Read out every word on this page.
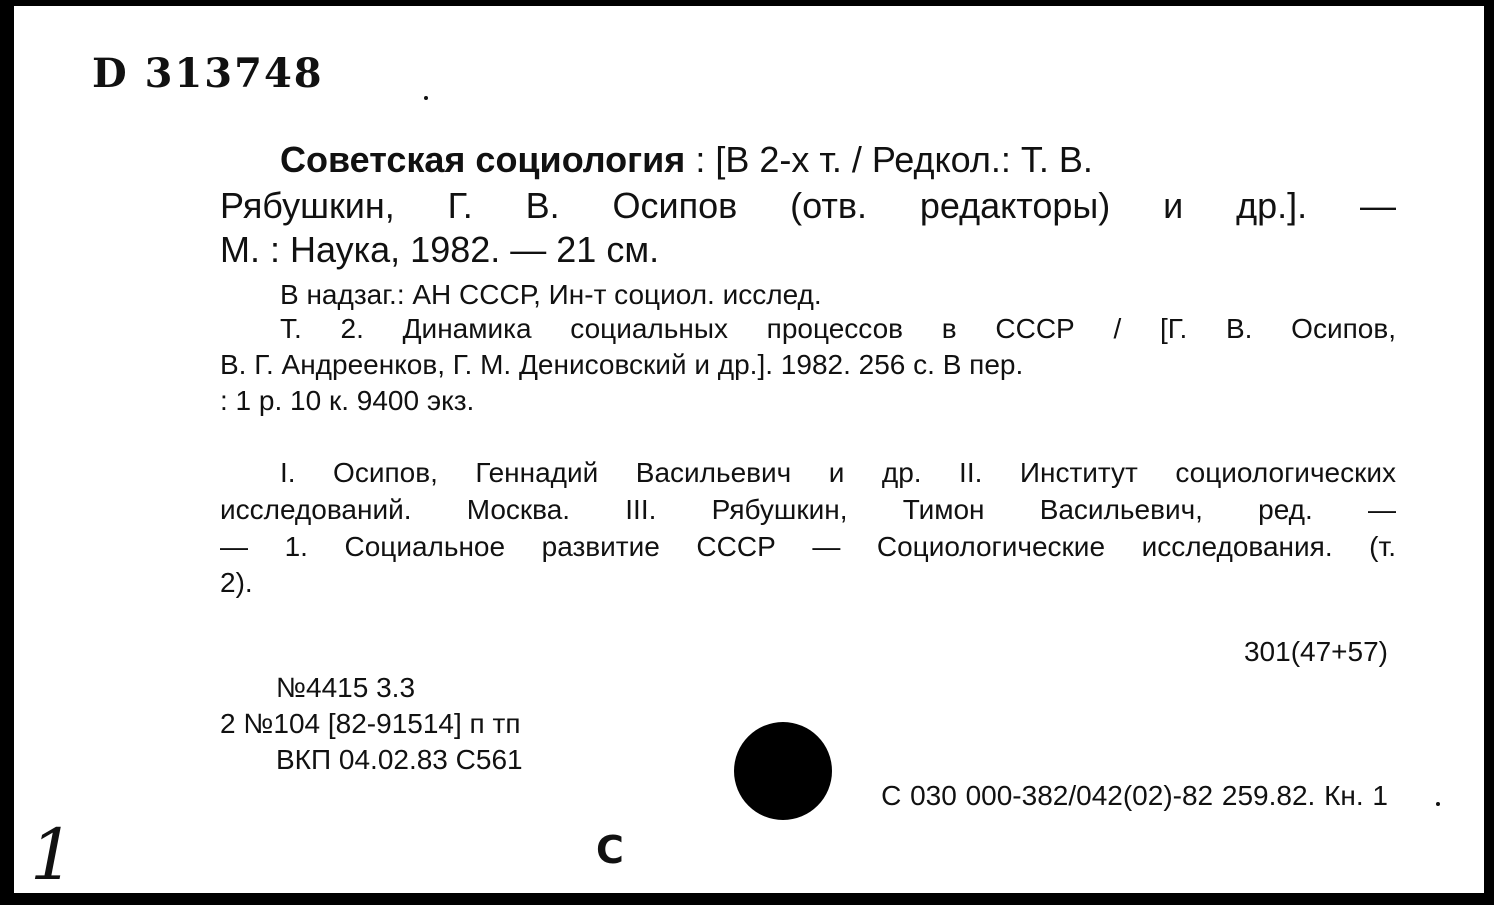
D 313748
Советская социология : [В 2-х т. / Редкол.: Т. В.
Рябушкин, Г. В. Осипов (отв. редакторы) и др.]. —
М. : Наука, 1982. — 21 см.
В надзаг.: АН СССР, Ин-т социол. исслед.
Т. 2. Динамика социальных процессов в СССР / [Г. В. Осипов,
В. Г. Андреенков, Г. М. Денисовский и др.]. 1982. 256 с. В пер.
: 1 р. 10 к. 9400 экз.
I. Осипов, Геннадий Васильевич и др. II. Институт социологических
исследований. Москва. III. Рябушкин, Тимон Васильевич, ред. —
— 1. Социальное развитие СССР — Социологические исследования. (т.
2).
301(47+57)
№4415 3.3
2 №104 [82-91514] п тп
ВКП 04.02.83 С561
С 030 000-382/042(02)-82 259.82. Кн. 1
С
1
